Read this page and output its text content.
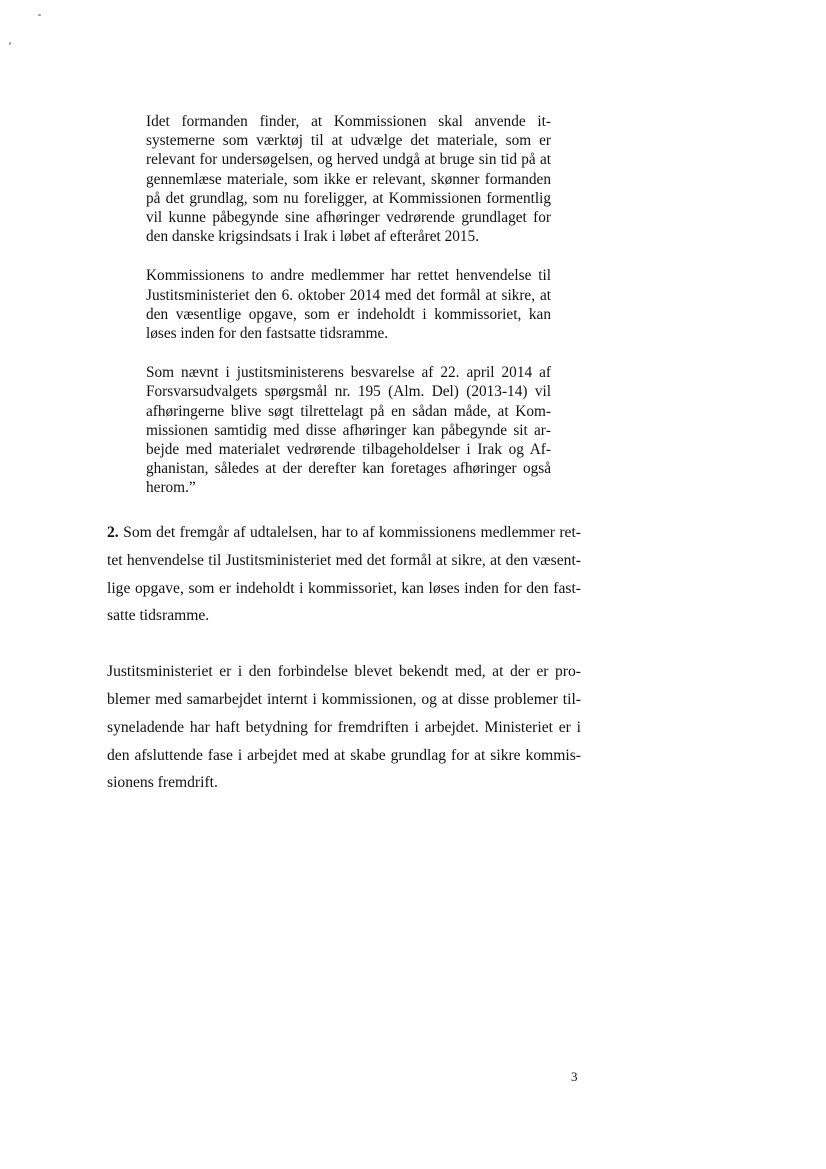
Idet formanden finder, at Kommissionen skal anvende it-systemerne som værktøj til at udvælge det materiale, som er relevant for undersøgelsen, og herved undgå at bruge sin tid på at gennemlæse materiale, som ikke er relevant, skønner formanden på det grundlag, som nu foreligger, at Kommissionen formentlig vil kunne påbegynde sine afhøringer vedrørende grundlaget for den danske krigsindsats i Irak i løbet af efteråret 2015.

Kommissionens to andre medlemmer har rettet henvendelse til Justitsministeriet den 6. oktober 2014 med det formål at sikre, at den væsentlige opgave, som er indeholdt i kommissoriet, kan løses inden for den fastsatte tidsramme.

Som nævnt i justitsministerens besvarelse af 22. april 2014 af Forsvarsudvalgets spørgsmål nr. 195 (Alm. Del) (2013-14) vil afhøringerne blive søgt tilrettelagt på en sådan måde, at Kommissionen samtidig med disse afhøringer kan påbegynde sit arbejde med materialet vedrørende tilbageholdelser i Irak og Afghanistan, således at der derefter kan foretages afhøringer også herom.”

2. Som det fremgår af udtalelsen, har to af kommissionens medlemmer rettet henvendelse til Justitsministeriet med det formål at sikre, at den væsentlige opgave, som er indeholdt i kommissoriet, kan løses inden for den fastsatte tidsramme.

Justitsministeriet er i den forbindelse blevet bekendt med, at der er problemer med samarbejdet internt i kommissionen, og at disse problemer tilsyneladende har haft betydning for fremdriften i arbejdet. Ministeriet er i den afsluttende fase i arbejdet med at skabe grundlag for at sikre kommissionens fremdrift.

3
